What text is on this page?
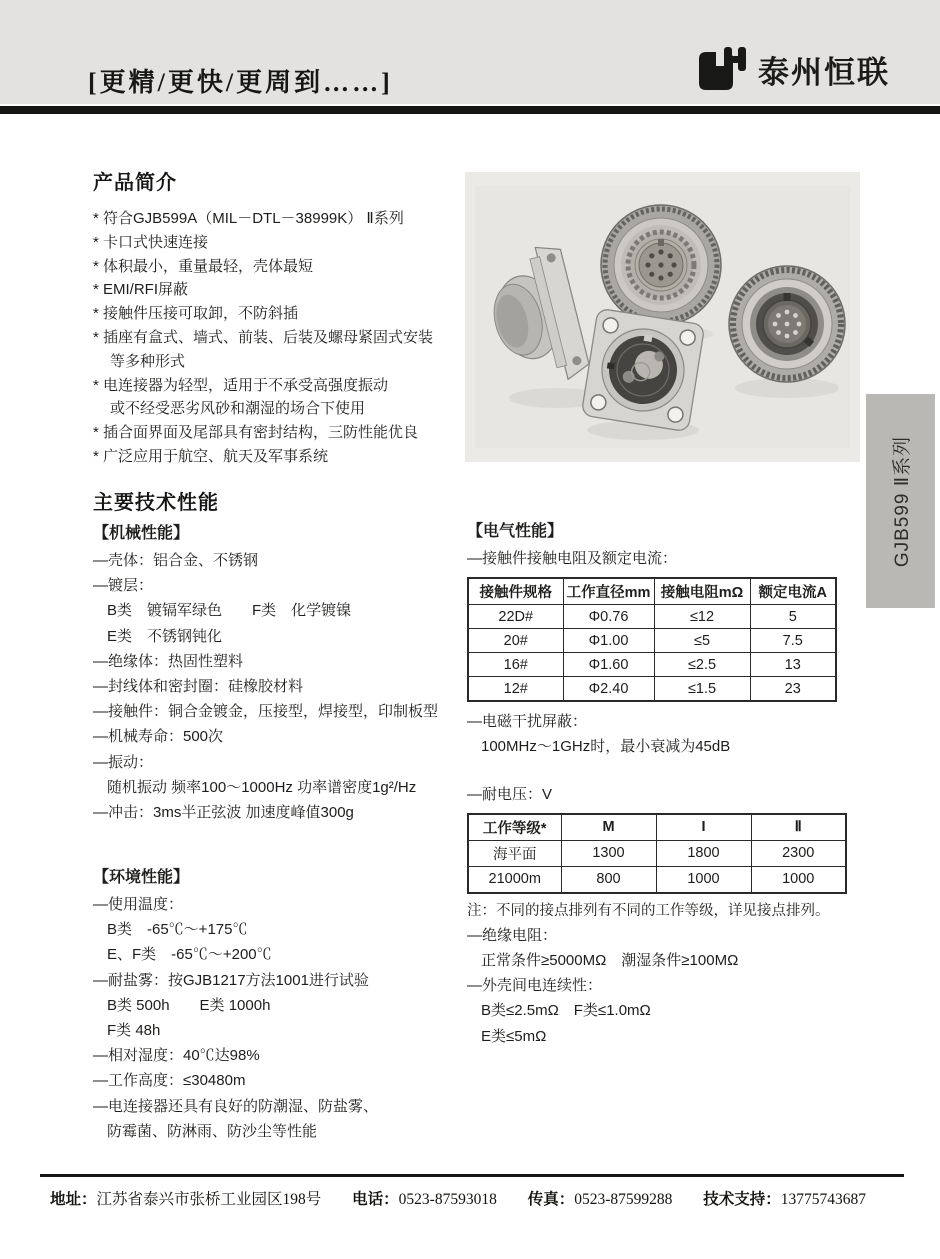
[更精/更快/更周到……]	泰州恒联
产品简介
* 符合GJB599A（MIL－DTL－38999K） Ⅱ系列
* 卡口式快速连接
* 体积最小，重量最轻，壳体最短
* EMI/RFI屏蔽
* 接触件压接可取卸，不防斜插
* 插座有盒式、墙式、前装、后装及螺母紧固式安装
等多种形式
* 电连接器为轻型，适用于不承受高强度振动
或不经受恶劣风砂和潮湿的场合下使用
* 插合面界面及尾部具有密封结构，三防性能优良
* 广泛应用于航空、航天及军事系统	GJB599 Ⅱ系列
主要技术性能
【机械性能】
—壳体：铝合金、不锈钢
—镀层：
B类　镀镉军绿色　　F类　化学镀镍
E类　不锈钢钝化
—绝缘体：热固性塑料
—封线体和密封圈：硅橡胶材料
—接触件：铜合金镀金，压接型，焊接型，印制板型
—机械寿命：500次
—振动：
随机振动 频率100～1000Hz 功率谱密度1g²/Hz
—冲击：3ms半正弦波 加速度峰值300g
【环境性能】
—使用温度：
B类　-65℃～+175℃
E、F类　-65℃～+200℃
—耐盐雾：按GJB1217方法1001进行试验
B类 500h　　E类 1000h
F类 48h
—相对湿度：40℃达98%
—工作高度：≤30480m
—电连接器还具有良好的防潮湿、防盐雾、
防霉菌、防淋雨、防沙尘等性能
【电气性能】
—接触件接触电阻及额定电流：
接触件规格	工作直径mm	接触电阻mΩ	额定电流A
22D#	Φ0.76	≤12	5
20#	Φ1.00	≤5	7.5
16#	Φ1.60	≤2.5	13
12#	Φ2.40	≤1.5	23
—电磁干扰屏蔽：
100MHz～1GHz时，最小衰减为45dB
—耐电压：V
工作等级*	M	I	Ⅱ
海平面	1300	1800	2300
21000m	800	1000	1000
注：不同的接点排列有不同的工作等级，详见接点排列。
—绝缘电阻：
正常条件≥5000MΩ　潮湿条件≥100MΩ
—外壳间电连续性：
B类≤2.5mΩ　F类≤1.0mΩ
E类≤5mΩ
地址：江苏省泰兴市张桥工业园区198号 电话：0523-87593018 传真：0523-87599288 技术支持：13775743687
